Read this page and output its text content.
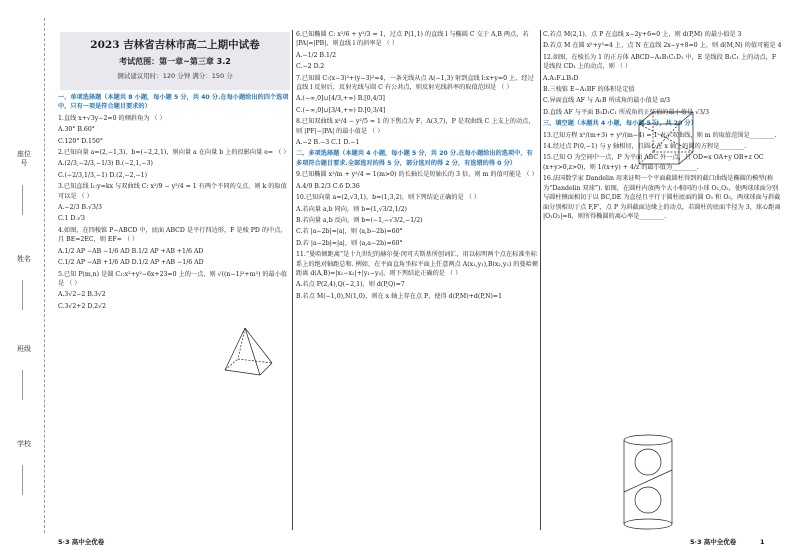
座位号
姓名
班级
学校
2023 吉林省吉林市高二上期中试卷
考试范围：第一章~第三章 3.2
测试建议用时：120 分钟 满分：150 分
一、单项选择题（本题共 8 小题，每小题 5 分，共 40 分.在每小题给出的四个选项中，只有一项是符合题目要求的）
1.直线 x+√3y−2=0 的倾斜角为 （ ）
A.30° B.60°
C.120° D.150°
2.已知向量 a=(2,−1,3)，b=(−2,2,1)，则向量 a 在向量 b 上的投影向量 e= （ ）
A.(2/3,−2/3,−1/3) B.(−2,1,−3)
C.(−2/3,1/3,−1) D.(2,−2,−1)
3.已知直线 l₁:y=kx 与双曲线 C: x²/9 − y²/4 = 1 有两个不同的交点，则 k 的取值可以是 （ ）
A.−2/3 B.√3/3
C.1 D.√3
4.如图，在四棱锥 P−ABCD 中，底面 ABCD 是平行四边形，F 是棱 PD 的中点，且 BE=2EC，则 EF= （ ）
A.1/2 AP −AB −1/6 AD B.1/2 AP +AB +1/6 AD
C.1/2 AP −AB +1/6 AD D.1/2 AP +AB −1/6 AD
5.已知 P(m,n) 是圆 C₁:x²+y²−6x+23=0 上的一点，则 √((n−1)²+m²) 的最小值是 （ ）
A.3√2−2 B.3√2
C.3√2+2 D.2√2
6.已知椭圆 C: x²/6 + y²/3 = 1，过点 P(1,1) 的直线 l 与椭圆 C 交于 A,B 两点，若 |PA|=|PB|，则直线 l 的斜率是 （ ）
A.−1/2 B.1/2
C.−2 D.2
7.已知圆 C:(x−3)²+(y−3)²=4，一条光线从点 A(−1,3) 射到直线 l:x+y=0 上，经过直线 l 反射后，反射光线与圆 C 有公共点，则反射光线斜率的取值范围是 （ ）
A.(−∞,0]∪[4/3,+∞) B.[0,4/3]
C.(−∞,0]∪[3/4,+∞) D.[0,3/4]
8.已知双曲线 x²/4 − y²/5 = 1 的下焦点为 F，A(3,7)，P 是双曲线 C 上支上的动点，则 |PF|−|PA| 的最小值是 （ ）
A.−2 B.−3 C.1 D.−1
二、多项选择题（本题共 4 小题，每小题 5 分，共 20 分.在每小题给出的选项中，有多项符合题目要求.全部选对的得 5 分，部分选对的得 2 分，有选错的得 0 分）
9.已知椭圆 x²/m + y²/4 = 1(m>0) 的长轴长是短轴长的 3 倍，则 m 的值可能是 （ ）
A.4/9 B.2/3 C.6 D.36
10.已知向量 a=(2,√3,1)，b=(1,3,2)，则下列结论正确的是 （ ）
A.若向量 a,b 同向，则 b=(1,√3/2,1/2)
B.若向量 a,b 反向，则 b=(−1,−√3/2,−1/2)
C.若 |a−2b|=|a|，则 ⟨a,b−2b⟩=60°
D.若 |a−2b|=|a|，则 ⟨a,a−2b⟩=60°
11.“曼哈顿距离”是十九世纪的赫尔曼·闵可夫斯基所创词汇，用以标明两个点在标准坐标系上的绝对轴距总和. 例如，在平面直角坐标平面上任意两点 A(x₁,y₁),B(x₂,y₂) 的曼哈顿距离 d(A,B)=|x₁−x₂|+|y₁−y₂|，则下列结论正确的是 （ ）
A.若点 P(2,4),Q(−2,1)，则 d(P,Q)=7
B.若点 M(−1,0),N(1,0)，则在 x 轴上存在点 P，使得 d(P,M)+d(P,N)=1
C.若点 M(2,1)，点 P 在直线 x−2y+6=0 上，则 d(P,M) 的最小值是 3
D.若点 M 在圆 x²+y²=4 上，点 N 在直线 2x−y+8=0 上，则 d(M,N) 的值可能是 4
12.如图，在棱长为 1 的正方体 ABCD−A₁B₁C₁D₁ 中，E 是线段 B₁C₁ 上的动点，F 是线段 CD₁ 上的动点，则 （ ）
A.A₁F⊥B₁D
B.三棱锥 E−A₁BF 的体积是定值
C.异面直线 AF 与 A₁B 所成角的最小值是 π/3
D.直线 AF 与平面 B₁D₁C₁ 所成角的正弦值的最小值是 √3/3
三、填空题（本题共 4 小题，每小题 5 分，共 20 分）
13.已知方程 x²/(m+3) + y²/(m−4) = 1 表示双曲线，则 m 的取值范围是________.
14.经过点 P(0,−1) 与 y 轴相切，且圆心在 x 轴上的圆的方程是________.
15.已知 O 为空间中一点，P 为平面 ABC 外一点，且 OD=x OA+y OB+z OC (x+y>0,z>0)，则 1/(x+y) + 4/z 的最小值为________.
16.法国数学家 Dandelin 用来证明一个平面截圆柱得到的截口曲线是椭圆的模型(称为“Dandelin 双球”). 如图，在圆柱内放两个大小相同的小球 O₁,O₂，使两球球面分别与圆柱侧面相切于以 BC,DE 为直径且平行于圆柱底面的圆 O₁ 和 O₂，两球球面与斜截面分别相切于点 F,F'，点 P 为斜截面边缘上的动点，若圆柱的底面半径为 3，球心距离 |O₁O₂|=8，则所得椭圆的离心率是________.
5·3 高中全优卷	5·3 高中全优卷	1
